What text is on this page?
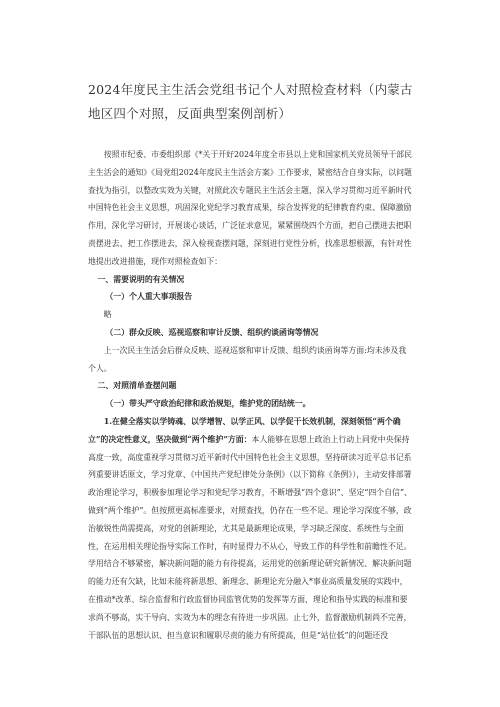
2024年度民主生活会党组书记个人对照检查材料（内蒙古地区四个对照，反面典型案例剖析）

按照市纪委、市委组织部《*关于开好2024年度全市县以上党和国家机关党员领导干部民主生活会的通知》《局党组2024年度民主生活会方案》工作要求，紧密结合自身实际，以问题查找为指引，以整改实效为关键，对照此次专题民主生活会主题，深入学习贯彻习近平新时代中国特色社会主义思想，巩固深化党纪学习教育成果，综合发挥党的纪律教育约束、保障激励作用，深化学习研讨，开展谈心谈话，广泛征求意见，紧紧围绕四个方面，把自己摆进去把职责摆进去、把工作摆进去，深入检视查摆问题，深刻进行党性分析，找准思想根源，有针对性地提出改进措施，现作对照检查如下：

一、需要说明的有关情况

（一）个人重大事项报告

略

（二）群众反映、巡视巡察和审计反馈、组织约谈函询等情况

上一次民主生活会后群众反映、巡视巡察和审计反馈、组织约谈函询等方面:均未涉及我个人。

二、对照清单查摆问题

（一）带头严守政治纪律和政治规矩，维护党的团结统一。

1.在健全落实以学铸魂、以学增智、以学正风、以学促干长效机制，深刻领悟“两个确立”的决定性意义，坚决做到“两个维护”方面：本人能够在思想上政治上行动上同党中央保持高度一致，高度重视学习贯彻习近平新时代中国特色社会主义思想，坚持研读习近平总书记系列重要讲话原文，学习党章、《中国共产党纪律处分条例》（以下简称《条例》），主动安排部署政治理论学习，积极参加理论学习和党纪学习教育，不断增强“四个意识”、坚定“四个自信”、做到“两个维护”。但按照更高标准要求，对照查找，仍存在一些不足。理论学习深度不够，政治敏锐性尚需提高，对党的创新理论，尤其是最新理论成果，学习缺乏深度、系统性与全面性，在运用相关理论指导实际工作时，有时显得力不从心，导致工作的科学性和前瞻性不足。学用结合不够紧密，解决新问题的能力有待提高，运用党的创新理论研究新情况、解决新问题的能力还有欠缺，比如未能将新思想、新理念、新理论充分融入*事业高质量发展的实践中，在推动*改革、综合监督和行政监督协同监管优势的发挥等方面，理论和指导实践的标准和要求尚不够高，实干导向、实效为本的理念有待进一步巩固。止七外，监督激励机制尚不完善，干部队伍的思想认识、担当意识和履职尽责的能力有所提高，但是“站位低”的问题还没
